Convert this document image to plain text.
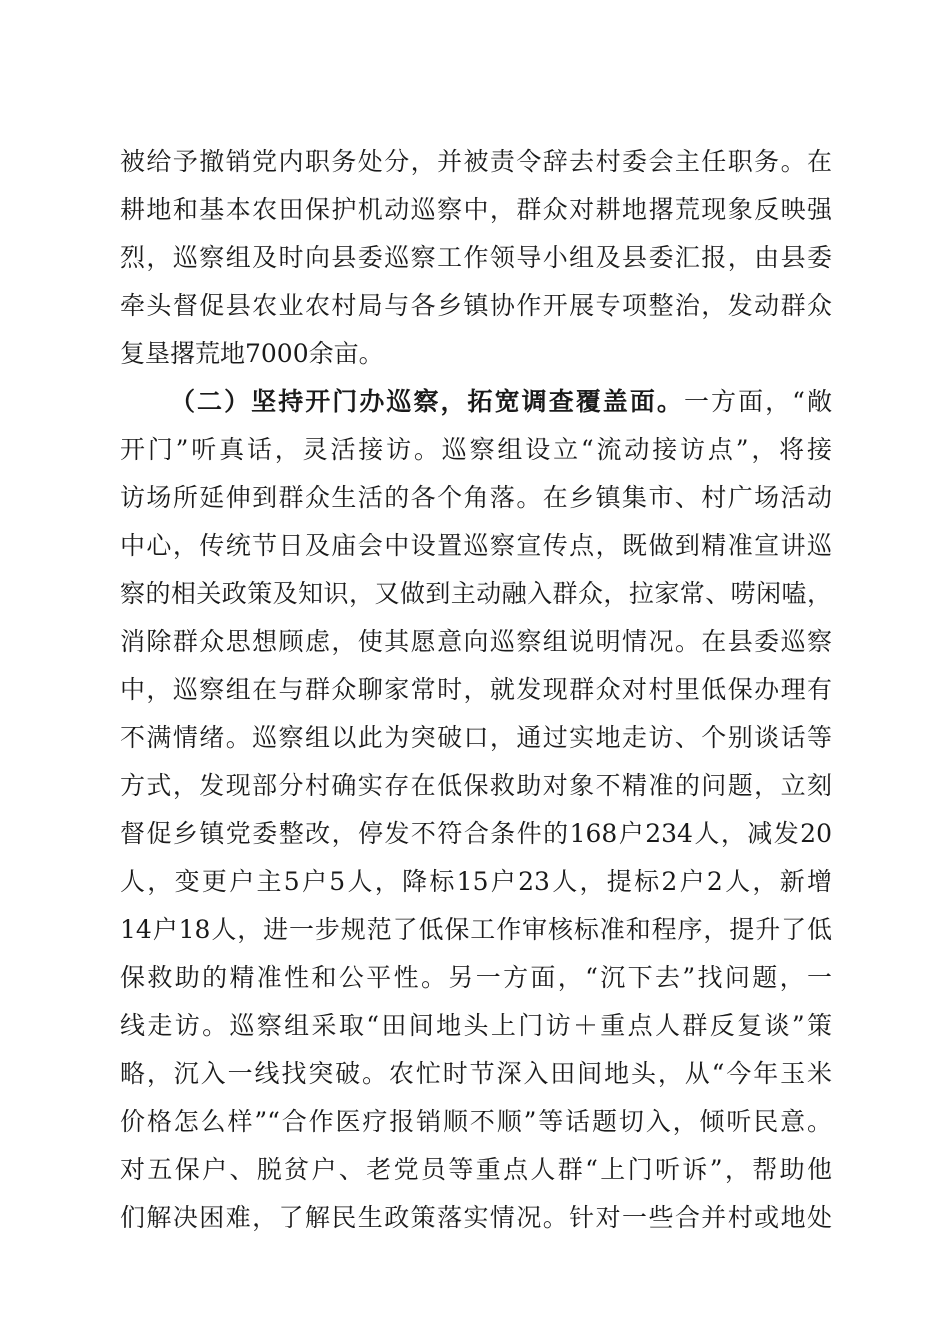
被给予撤销党内职务处分，并被责令辞去村委会主任职务。在
耕地和基本农田保护机动巡察中，群众对耕地撂荒现象反映强
烈，巡察组及时向县委巡察工作领导小组及县委汇报，由县委
牵头督促县农业农村局与各乡镇协作开展专项整治，发动群众
复垦撂荒地7000余亩。
（二）坚持开门办巡察，拓宽调查覆盖面。一方面，“敞
开门”听真话，灵活接访。巡察组设立“流动接访点”，将接
访场所延伸到群众生活的各个角落。在乡镇集市、村广场活动
中心，传统节日及庙会中设置巡察宣传点，既做到精准宣讲巡
察的相关政策及知识，又做到主动融入群众，拉家常、唠闲嗑，
消除群众思想顾虑，使其愿意向巡察组说明情况。在县委巡察
中，巡察组在与群众聊家常时，就发现群众对村里低保办理有
不满情绪。巡察组以此为突破口，通过实地走访、个别谈话等
方式，发现部分村确实存在低保救助对象不精准的问题，立刻
督促乡镇党委整改，停发不符合条件的168户234人，减发20
人，变更户主5户5人，降标15户23人，提标2户2人，新增
14户18人，进一步规范了低保工作审核标准和程序，提升了低
保救助的精准性和公平性。另一方面，“沉下去”找问题，一
线走访。巡察组采取“田间地头上门访＋重点人群反复谈”策
略，沉入一线找突破。农忙时节深入田间地头，从“今年玉米
价格怎么样”“合作医疗报销顺不顺”等话题切入，倾听民意。
对五保户、脱贫户、老党员等重点人群“上门听诉”，帮助他
们解决困难，了解民生政策落实情况。针对一些合并村或地处
